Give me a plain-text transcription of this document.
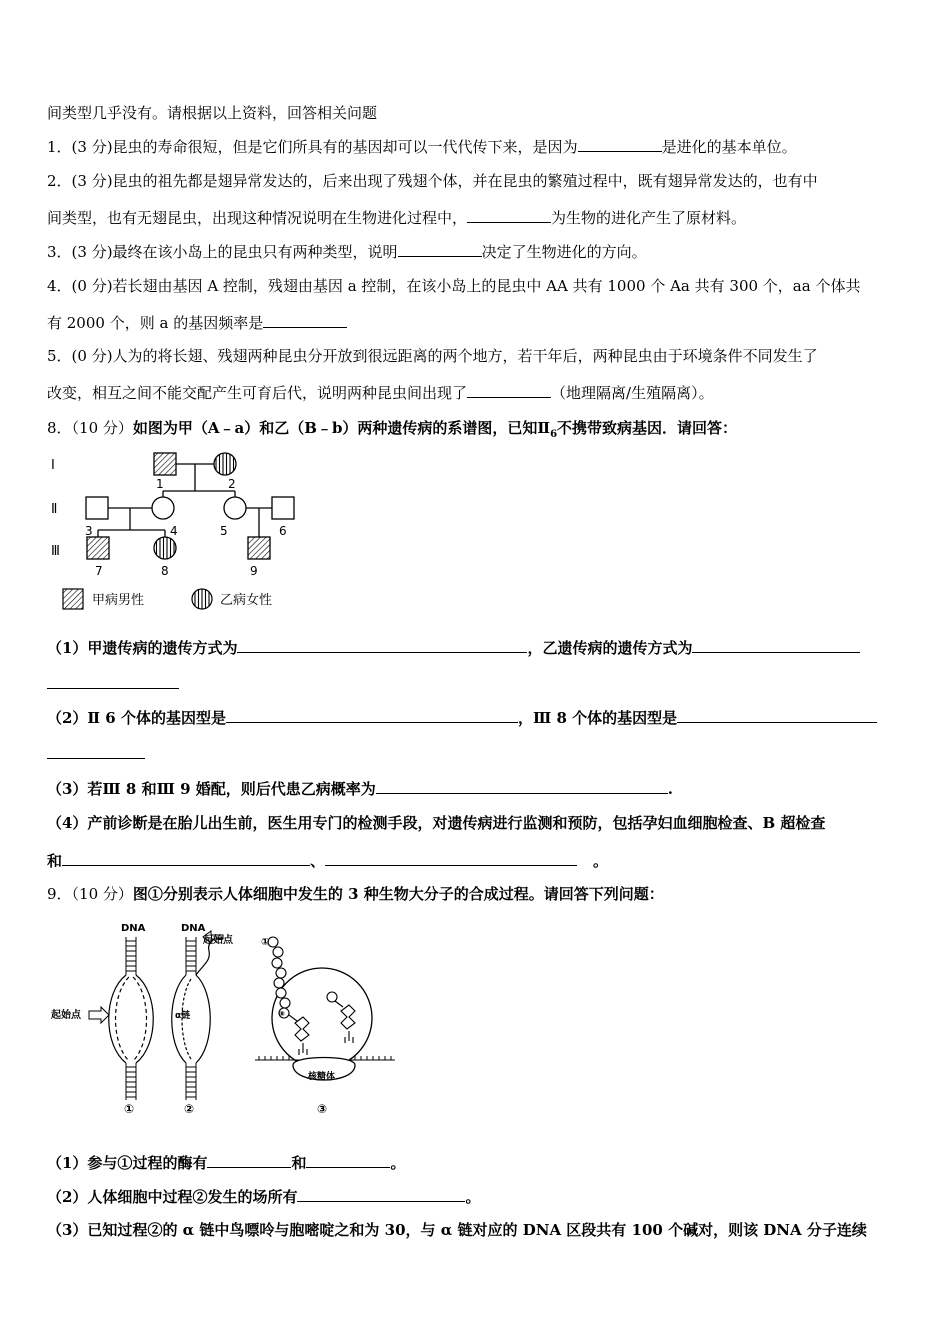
间类型几乎没有。请根据以上资料，回答相关问题
1．(3 分)昆虫的寿命很短，但是它们所具有的基因却可以一代代传下来，是因为	是进化的基本单位。
2．(3 分)昆虫的祖先都是翅异常发达的，后来出现了残翅个体，并在昆虫的繁殖过程中，既有翅异常发达的，也有中
间类型，也有无翅昆虫，出现这种情况说明在生物进化过程中，	为生物的进化产生了原材料。
3．(3 分)最终在该小岛上的昆虫只有两种类型，说明	决定了生物进化的方向。
4．(0 分)若长翅由基因 A 控制，残翅由基因 a 控制，在该小岛上的昆虫中 AA 共有 1000 个 Aa 共有 300 个，aa 个体共
有 2000 个，则 a 的基因频率是
5．(0 分)人为的将长翅、残翅两种昆虫分开放到很远距离的两个地方，若干年后，两种昆虫由于环境条件不同发生了
改变，相互之间不能交配产生可育后代，说明两种昆虫间出现了	（地理隔离/生殖隔离）。
8．（10 分）如图为甲（A﹣a）和乙（B﹣b）两种遗传病的系谱图，已知$Ⅱ_6$不携带致病基因．请回答：
Ⅰ
Ⅱ
Ⅲ
1	2
3	4	5	6
7	8	9
甲病男性	乙病女性
（1）甲遗传病的遗传方式为	，乙遗传病的遗传方式为
（2）Ⅱ 6 个体的基因型是	，Ⅲ 8 个体的基因型是
（3）若Ⅲ 8 和Ⅲ 9 婚配，则后代患乙病概率为	.
（4）产前诊断是在胎儿出生前，医生用专门的检测手段，对遗传病进行监测和预防，包括孕妇血细胞检查、B 超检查
和	、	。
9．（10 分）图①分别表示人体细胞中发生的 3 种生物大分子的合成过程。请回答下列问题：
DNA
起始点
①
DNA
起始点
α链
②
核糖体
①
⑧
③
（1）参与①过程的酶有	和	。
（2）人体细胞中过程②发生的场所有	。
（3）已知过程②的 α 链中鸟嘌呤与胞嘧啶之和为 30，与 α 链对应的 DNA 区段共有 100 个碱对，则该 DNA 分子连续
